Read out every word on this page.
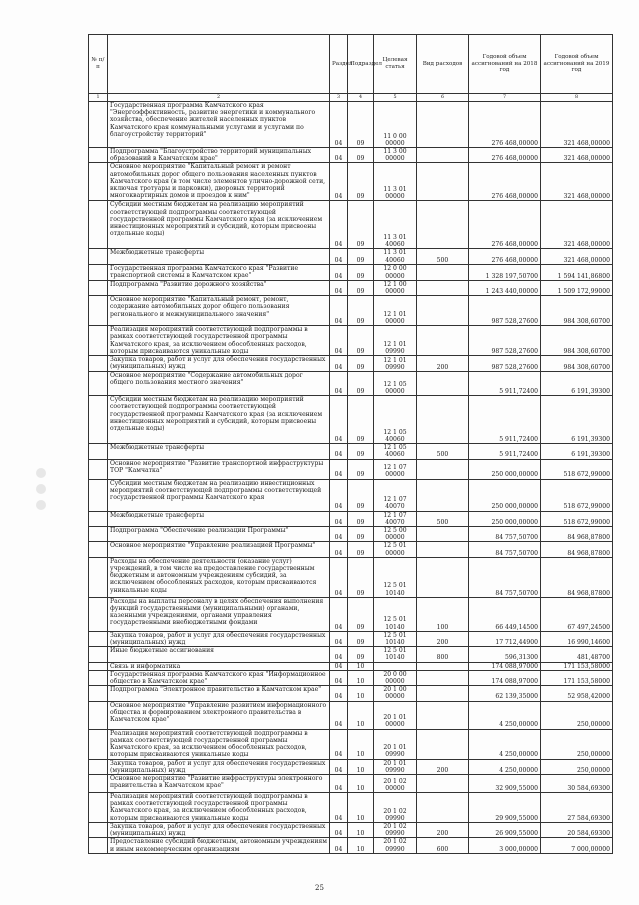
№ п/п		Раздел	Подраздел	Целевая статья	Вид расходов	Годовой объем ассигнований на 2018 год	Годовой объем ассигнований на 2019 год
1	2	3	4	5	6	7	8
	Государственная программа Камчатского края "Энергоэффективность, развитие энергетики и коммунального хозяйства, обеспечение жителей населенных пунктов Камчатского края коммунальными услугами и услугами по благоустройству территорий"	04	09	11 0 00 00000		276 468,00000	321 468,00000
	Подпрограмма "Благоустройство территорий муниципальных образований в Камчатском крае"	04	09	11 3 00 00000		276 468,00000	321 468,00000
	Основное мероприятие "Капитальный ремонт и ремонт автомобильных дорог общего пользования населенных пунктов Камчатского края (в том числе элементов улично-дорожной сети, включая тротуары и парковки), дворовых территорий многоквартирных домов и проездов к ним"	04	09	11 3 01 00000		276 468,00000	321 468,00000
	Субсидии местным бюджетам на реализацию мероприятий соответствующей подпрограммы соответствующей государственной программы Камчатского края (за исключением инвестиционных мероприятий и субсидий, которым присвоены отдельные коды)	04	09	11 3 01 40060		276 468,00000	321 468,00000
	Межбюджетные трансферты	04	09	11 3 01 40060	500	276 468,00000	321 468,00000
	Государственная программа Камчатского края "Развитие транспортной системы в Камчатском крае"	04	09	12 0 00 00000		1 328 197,50700	1 594 141,86800
	Подпрограмма "Развитие дорожного хозяйства"	04	09	12 1 00 00000		1 243 440,00000	1 509 172,99000
	Основное мероприятие "Капитальный ремонт, ремонт, содержание автомобильных дорог общего пользования регионального и межмуниципального значения"	04	09	12 1 01 00000		987 528,27600	984 308,60700
	Реализация мероприятий соответствующей подпрограммы в рамках соответствующей государственной программы Камчатского края, за исключением обособленных расходов, которым присваиваются уникальные коды	04	09	12 1 01 09990		987 528,27600	984 308,60700
	Закупка товаров, работ и услуг для обеспечения государственных (муниципальных) нужд	04	09	12 1 01 09990	200	987 528,27600	984 308,60700
	Основное мероприятие "Содержание автомобильных дорог общего пользования местного значения"	04	09	12 1 05 00000		5 911,72400	6 191,39300
	Субсидии местным бюджетам на реализацию мероприятий соответствующей подпрограммы соответствующей государственной программы Камчатского края (за исключением инвестиционных мероприятий и субсидий, которым присвоены отдельные коды)	04	09	12 1 05 40060		5 911,72400	6 191,39300
	Межбюджетные трансферты	04	09	12 1 05 40060	500	5 911,72400	6 191,39300
	Основное мероприятие "Развитие транспортной инфраструктуры ТОР "Камчатка"	04	09	12 1 07 00000		250 000,00000	518 672,99000
	Субсидии местным бюджетам на реализацию инвестиционных мероприятий соответствующей подпрограммы соответствующей государственной программы Камчатского края	04	09	12 1 07 40070		250 000,00000	518 672,99000
	Межбюджетные трансферты	04	09	12 1 07 40070	500	250 000,00000	518 672,99000
	Подпрограмма "Обеспечение реализации Программы"	04	09	12 5 00 00000		84 757,50700	84 968,87800
	Основное мероприятие "Управление реализацией Программы"	04	09	12 5 01 00000		84 757,50700	84 968,87800
	Расходы на обеспечение деятельности (оказание услуг) учреждений, в том числе на предоставление государственным бюджетным и автономным учреждениям субсидий, за исключением обособленных расходов, которым присваиваются уникальные коды	04	09	12 5 01 10140		84 757,50700	84 968,87800
	Расходы на выплаты персоналу в целях обеспечения выполнения функций государственными (муниципальными) органами, казенными учреждениями, органами управления государственными внебюджетными фондами	04	09	12 5 01 10140	100	66 449,14500	67 497,24500
	Закупка товаров, работ и услуг для обеспечения государственных (муниципальных) нужд	04	09	12 5 01 10140	200	17 712,44900	16 990,14600
	Иные бюджетные ассигнования	04	09	12 5 01 10140	800	596,31300	481,48700
	Связь и информатика	04	10			174 088,97000	171 153,58000
	Государственная программа Камчатского края "Информационное общество в Камчатском крае"	04	10	20 0 00 00000		174 088,97000	171 153,58000
	Подпрограмма "Электронное правительство в Камчатском крае"	04	10	20 1 00 00000		62 139,35000	52 958,42000
	Основное мероприятие "Управление развитием информационного общества и формированием электронного правительства в Камчатском крае"	04	10	20 1 01 00000		4 250,00000	250,00000
	Реализация мероприятий соответствующей подпрограммы в рамках соответствующей государственной программы Камчатского края, за исключением обособленных расходов, которым присваиваются уникальные коды	04	10	20 1 01 09990		4 250,00000	250,00000
	Закупка товаров, работ и услуг для обеспечения государственных (муниципальных) нужд	04	10	20 1 01 09990	200	4 250,00000	250,00000
	Основное мероприятие "Развитие инфраструктуры электронного правительства в Камчатском крае"	04	10	20 1 02 00000		32 909,55000	30 584,69300
	Реализация мероприятий соответствующей подпрограммы в рамках соответствующей государственной программы Камчатского края, за исключением обособленных расходов, которым присваиваются уникальные коды	04	10	20 1 02 09990		29 909,55000	27 584,69300
	Закупка товаров, работ и услуг для обеспечения государственных (муниципальных) нужд	04	10	20 1 02 09990	200	26 909,55000	20 584,69300
	Предоставление субсидий бюджетным, автономным учреждениям и иным некоммерческим организациям	04	10	20 1 02 09990	600	3 000,00000	7 000,00000
25
